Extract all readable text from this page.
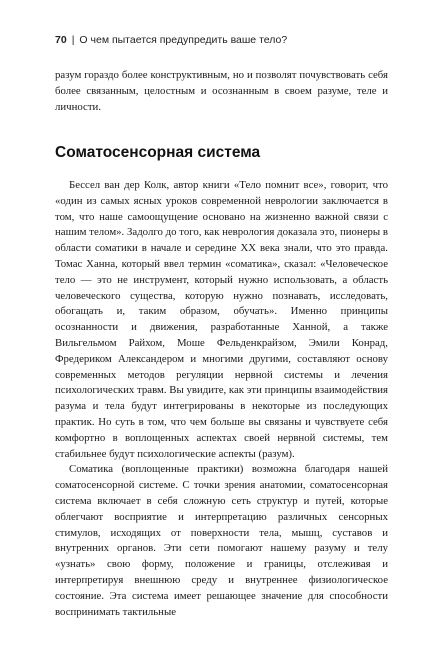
70 | О чем пытается предупредить ваше тело?

разум гораздо более конструктивным, но и позволят почувствовать себя более связанным, целостным и осознанным в своем разуме, теле и личности.

Соматосенсорная система

Бессел ван дер Колк, автор книги «Тело помнит все», говорит, что «один из самых ясных уроков современной неврологии заключается в том, что наше самоощущение основано на жизненно важной связи с нашим телом». Задолго до того, как неврология доказала это, пионеры в области соматики в начале и середине XX века знали, что это правда. Томас Ханна, который ввел термин «соматика», сказал: «Человеческое тело — это не инструмент, который нужно использовать, а область человеческого существа, которую нужно познавать, исследовать, обогащать и, таким образом, обучать». Именно принципы осознанности и движения, разработанные Ханной, а также Вильгельмом Райхом, Моше Фельденкрайзом, Эмили Конрад, Фредериком Александером и многими другими, составляют основу современных методов регуляции нервной системы и лечения психологических травм. Вы увидите, как эти принципы взаимодействия разума и тела будут интегрированы в некоторые из последующих практик. Но суть в том, что чем больше вы связаны и чувствуете себя комфортно в воплощенных аспектах своей нервной системы, тем стабильнее будут психологические аспекты (разум).

Соматика (воплощенные практики) возможна благодаря нашей соматосенсорной системе. С точки зрения анатомии, соматосенсорная система включает в себя сложную сеть структур и путей, которые облегчают восприятие и интерпретацию различных сенсорных стимулов, исходящих от поверхности тела, мышц, суставов и внутренних органов. Эти сети помогают нашему разуму и телу «узнать» свою форму, положение и границы, отслеживая и интерпретируя внешнюю среду и внутреннее физиологическое состояние. Эта система имеет решающее значение для способности воспринимать тактильные
